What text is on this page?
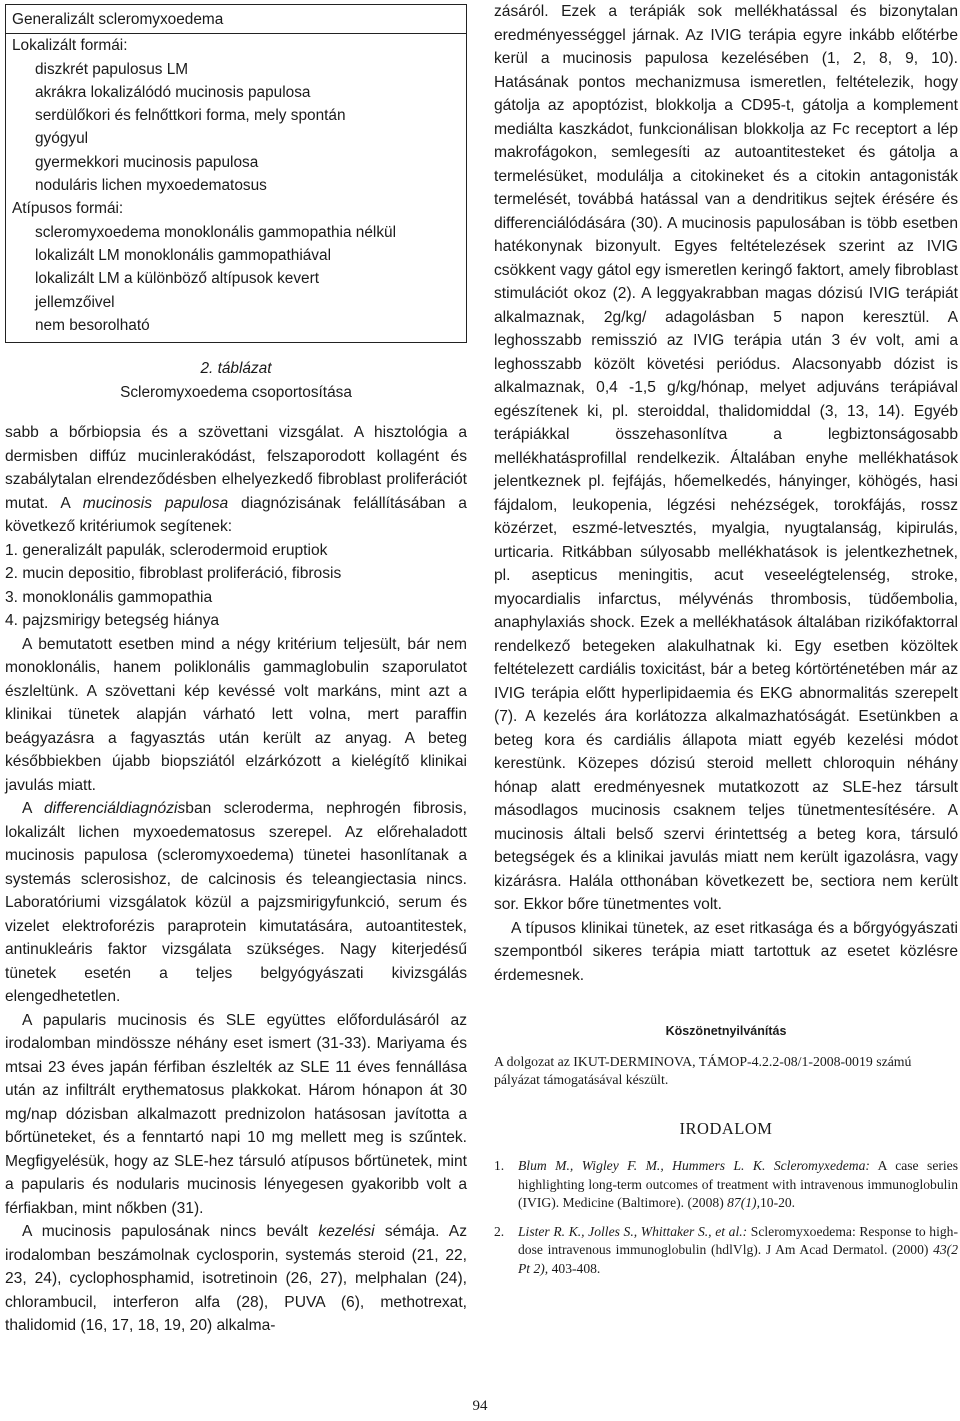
Generalizált scleromyxoedema
Lokalizált formái:
diszkrét papulosus LM
akrákra lokalizálódó mucinosis papulosa
serdülőkori és felnőttkori forma, mely spontán
gyógyul
gyermekkori mucinosis papulosa
noduláris lichen myxoedematosus
Atípusos formái:
scleromyxoedema monoklonális gammopathia nélkül
lokalizált LM monoklonális gammopathiával
lokalizált LM a különböző altípusok kevert
jellemzőivel
nem besorolható
2. táblázat
Scleromyxoedema csoportosítása

sabb a bőrbiopsia és a szövettani vizsgálat. A hisztológia a dermisben diffúz mucinlerakódást, felszaporodott kollagént és szabálytalan elrendeződésben elhelyezkedő fibroblast proliferációt mutat. A mucinosis papulosa diagnózisának felállításában a következő kritériumok segítenek:

1. generalizált papulák, sclerodermoid eruptiok
2. mucin depositio, fibroblast proliferáció, fibrosis
3. monoklonális gammopathia
4. pajzsmirigy betegség hiánya

A bemutatott esetben mind a négy kritérium teljesült, bár nem monoklonális, hanem poliklonális gammaglobulin szaporulatot észleltünk. A szövettani kép kevéssé volt markáns, mint azt a klinikai tünetek alapján várható lett volna, mert paraffin beágyazásra a fagyasztás után került az anyag. A beteg későbbiekben újabb biopsziától elzárkózott a kielégítő klinikai javulás miatt.

A differenciáldiagnózisban scleroderma, nephrogén fibrosis, lokalizált lichen myxoedematosus szerepel. Az előrehaladott mucinosis papulosa (scleromyxoedema) tünetei hasonlítanak a systemás sclerosishoz, de calcinosis és teleangiectasia nincs. Laboratóriumi vizsgálatok közül a pajzsmirigyfunkció, serum és vizelet elektroforézis paraprotein kimutatására, autoantitestek, antinukleáris faktor vizsgálata szükséges. Nagy kiterjedésű tünetek esetén a teljes belgyógyászati kivizsgálás elengedhetetlen.

A papularis mucinosis és SLE együttes előfordulásáról az irodalomban mindössze néhány eset ismert (31-33). Mariyama és mtsai 23 éves japán férfiban észlelték az SLE 11 éves fennállása után az infiltrált erythematosus plakkokat. Három hónapon át 30 mg/nap dózisban alkalmazott prednizolon hatásosan javította a bőrtüneteket, és a fenntartó napi 10 mg mellett meg is szűntek. Megfigyelésük, hogy az SLE-hez társuló atípusos bőrtünetek, mint a papularis és nodularis mucinosis lényegesen gyakoribb volt a férfiakban, mint nőkben (31).

A mucinosis papulosának nincs bevált kezelési sémája. Az irodalomban beszámolnak cyclosporin, systemás steroid (21, 22, 23, 24), cyclophosphamid, isotretinoin (26, 27), melphalan (24), chlorambucil, interferon alfa (28), PUVA (6), methotrexat, thalidomid (16, 17, 18, 19, 20) alkalma-

zásáról. Ezek a terápiák sok mellékhatással és bizonytalan eredményességgel járnak. Az IVIG terápia egyre inkább előtérbe kerül a mucinosis papulosa kezelésében (1, 2, 8, 9, 10). Hatásának pontos mechanizmusa ismeretlen, feltételezik, hogy gátolja az apoptózist, blokkolja a CD95-t, gátolja a komplement mediálta kaszkádot, funkcionálisan blokkolja az Fc receptort a lép makrofágokon, semlegesíti az autoantitesteket és gátolja a termelésüket, modulálja a citokineket és a citokin antagonisták termelését, továbbá hatással van a dendritikus sejtek érésére és differenciálódására (30). A mucinosis papulosában is több esetben hatékonynak bizonyult. Egyes feltételezések szerint az IVIG csökkent vagy gátol egy ismeretlen keringő faktort, amely fibroblast stimulációt okoz (2). A leggyakrabban magas dózisú IVIG terápiát alkalmaznak, 2g/kg/ adagolásban 5 napon keresztül. A leghosszabb remisszió az IVIG terápia után 3 év volt, ami a leghosszabb közölt követési periódus. Alacsonyabb dózist is alkalmaznak, 0,4 -1,5 g/kg/hónap, melyet adjuváns terápiával egészítenek ki, pl. steroiddal, thalidomiddal (3, 13, 14). Egyéb terápiákkal összehasonlítva a legbiztonságosabb mellékhatásprofillal rendelkezik. Általában enyhe mellékhatások jelentkeznek pl. fejfájás, hőemelkedés, hányinger, köhögés, hasi fájdalom, leukopenia, légzési nehézségek, torokfájás, rossz közérzet, eszmé-letvesztés, myalgia, nyugtalanság, kipirulás, urticaria. Ritkábban súlyosabb mellékhatások is jelentkezhetnek, pl. asepticus meningitis, acut veseelégtelenség, stroke, myocardialis infarctus, mélyvénás thrombosis, tüdőembolia, anaphylaxiás shock. Ezek a mellékhatások általában rizikófaktorral rendelkező betegeken alakulhatnak ki. Egy esetben közöltek feltételezett cardiális toxicitást, bár a beteg kórtörténetében már az IVIG terápia előtt hyperlipidaemia és EKG abnormalitás szerepelt (7). A kezelés ára korlátozza alkalmazhatóságát. Esetünkben a beteg kora és cardiális állapota miatt egyéb kezelési módot kerestünk. Közepes dózisú steroid mellett chloroquin néhány hónap alatt eredményesnek mutatkozott az SLE-hez társult másodlagos mucinosis csaknem teljes tünetmentesítésére. A mucinosis általi belső szervi érintettség a beteg kora, társuló betegségek és a klinikai javulás miatt nem került igazolásra, vagy kizárásra. Halála otthonában következett be, sectiora nem került sor. Ekkor bőre tünetmentes volt.

A típusos klinikai tünetek, az eset ritkasága és a bőrgyógyászati szempontból sikeres terápia miatt tartottuk az esetet közlésre érdemesnek.

Köszönetnyilvánítás
A dolgozat az IKUT-DERMINOVA, TÁMOP-4.2.2-08/1-2008-0019 számú pályázat támogatásával készült.
IRODALOM
1.	Blum M., Wigley F. M., Hummers L. K. Scleromyxedema: A case series highlighting long-term outcomes of treatment with intravenous immunoglobulin (IVIG). Medicine (Baltimore). (2008) 87(1),10-20.
2.	Lister R. K., Jolles S., Whittaker S., et al.: Scleromyxoedema: Response to high-dose intravenous immunoglobulin (hdlVlg). J Am Acad Dermatol. (2000) 43(2 Pt 2), 403-408.
94
